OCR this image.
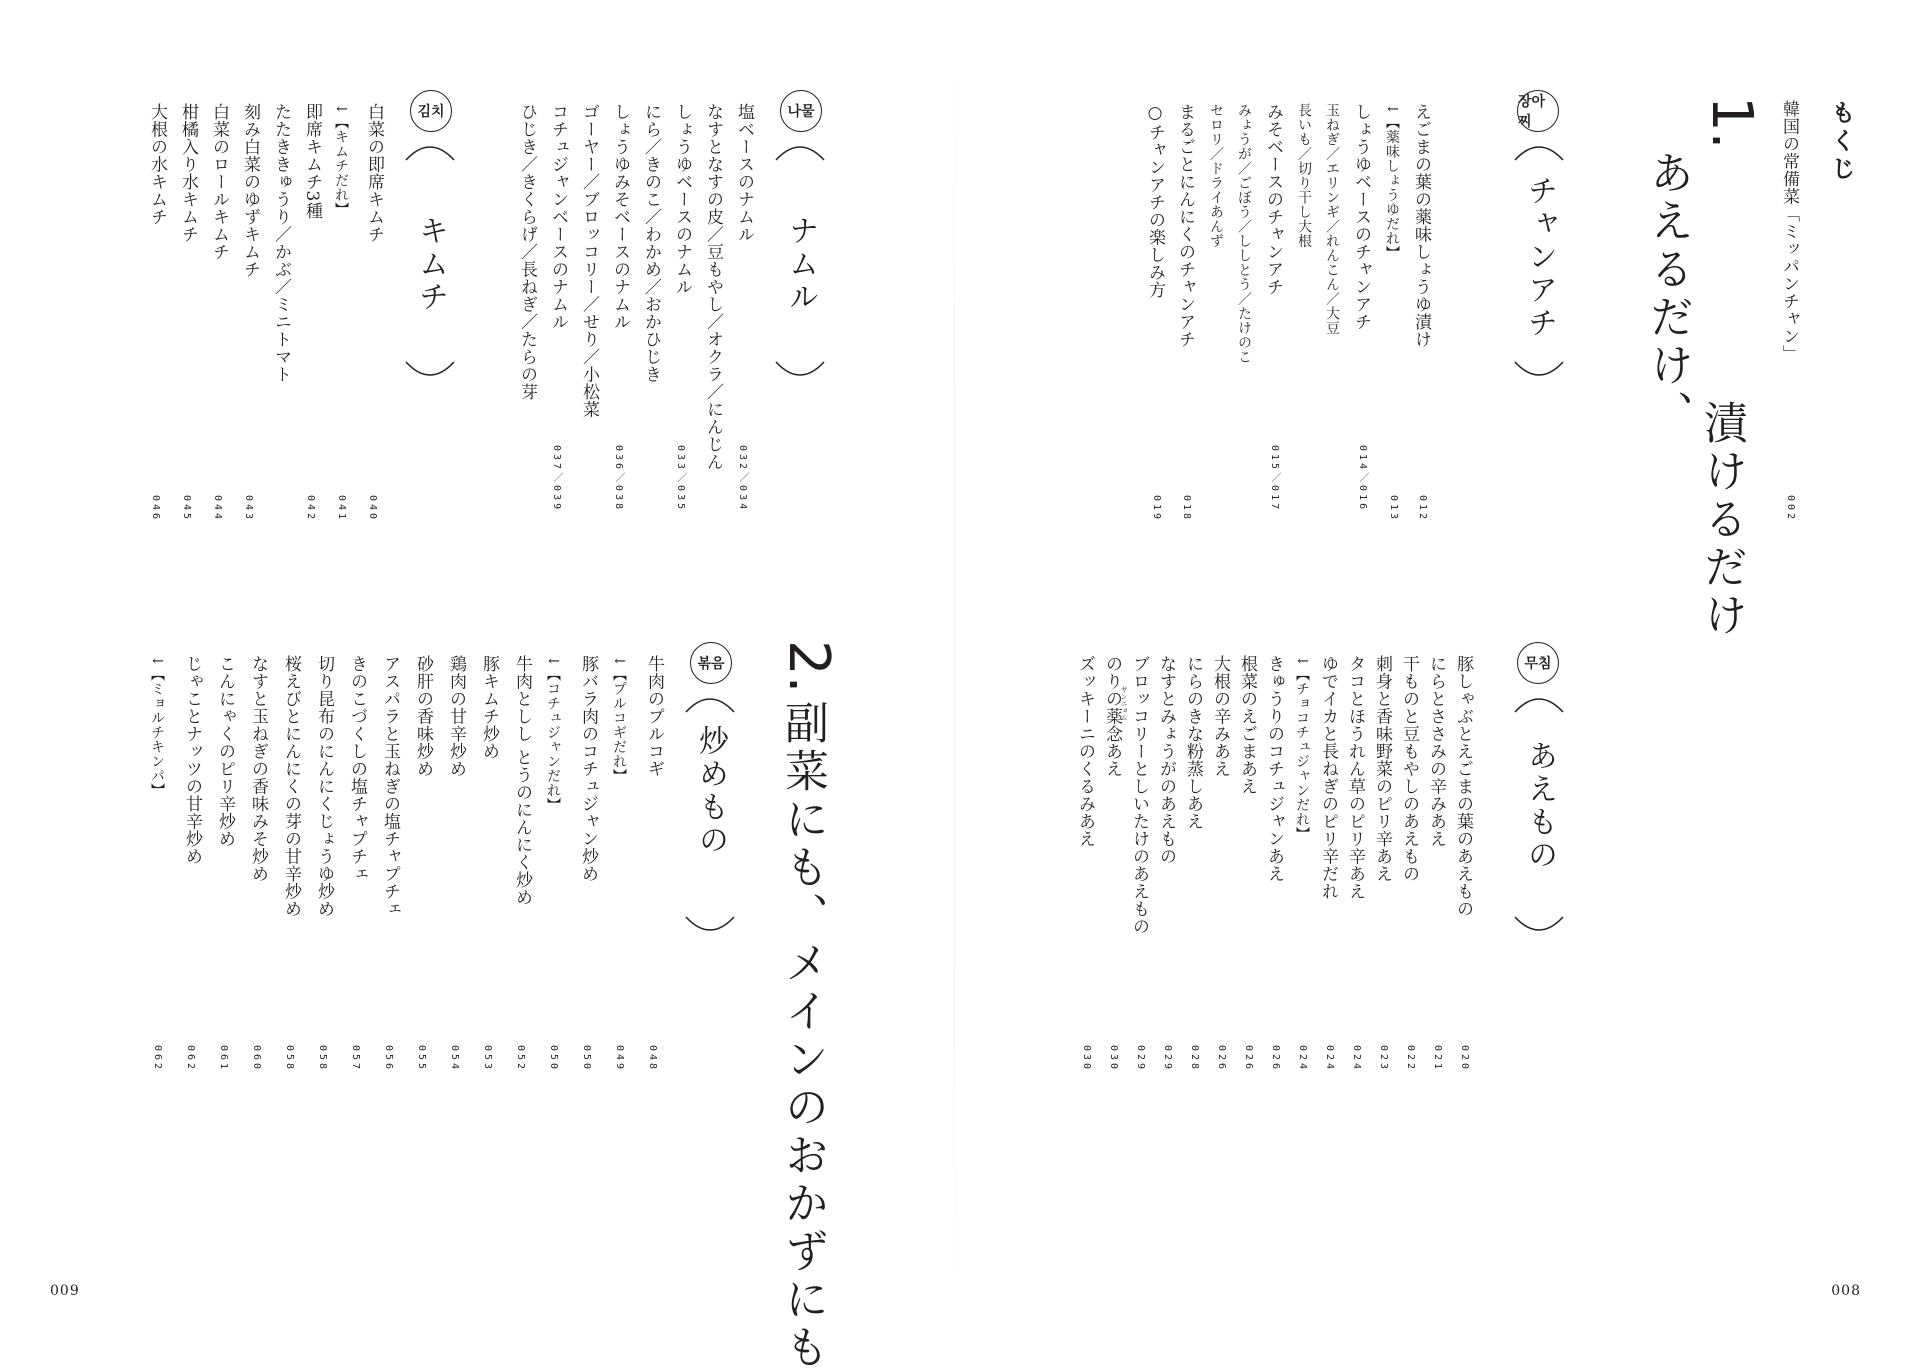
もくじ
韓国の常備菜「ミッパンチャン」
002
1.
あえるだけ、
漬けるだけ
장아찌
チャンアチ
えごまの葉の薬味しょうゆ漬け
012
↓【薬味しょうゆだれ】
013
しょうゆベースのチャンアチ
014／016
玉ねぎ／エリンギ／れんこん／大豆
長いも／切り干し大根
みそベースのチャンアチ
015／017
みょうが／ごぼう／ししとう／たけのこ
セロリ／ドライあんず
まるごとにんにくのチャンアチ
018
○チャンアチの楽しみ方
019
무침
あえもの
008
豚しゃぶとえごまの葉のあえもの
020
にらとささみの辛みあえ
021
干ものと豆もやしのあえもの
022
刺身と香味野菜のピリ辛あえ
023
タコとほうれん草のピリ辛あえ
024
ゆでイカと長ねぎのピリ辛だれ
024
↓【チョコチュジャンだれ】
024
きゅうりのコチュジャンあえ
026
根菜のえごまあえ
026
大根の辛みあえ
026
にらのきな粉蒸しあえ
028
なすとみょうがのあえもの
029
ブロッコリーとしいたけのあえもの
029
のりの薬念あえ
030
ズッキーニのくるみあえ
030
ヤンニョム
나물
ナムル
김치
キムチ
2.
副菜にも、メインのおかずにも
볶음
炒めもの
009
塩ベースのナムル
032／034
なすとなすの皮／豆もやし／オクラ／にんじん
しょうゆベースのナムル
033／035
にら／きのこ／わかめ／おかひじき
しょうゆみそベースのナムル
036／038
ゴーヤー／ブロッコリー／せり／小松菜
コチュジャンベースのナムル
037／039
ひじき／きくらげ／長ねぎ／たらの芽
白菜の即席キムチ
040
↓【キムチだれ】
041
即席キムチ3種
042
たたききゅうり／かぶ／ミニトマト
刻み白菜のゆずキムチ
043
白菜のロールキムチ
044
柑橘入り水キムチ
045
大根の水キムチ
046
牛肉のプルコギ
048
↓【プルコギだれ】
049
豚バラ肉のコチュジャン炒め
050
↓【コチュジャンだれ】
050
牛肉としし とうのにんにく炒め
052
豚キムチ炒め
053
鶏肉の甘辛炒め
054
砂肝の香味炒め
055
アスパラと玉ねぎの塩チャプチェ
056
きのこづくしの塩チャプチェ
057
切り昆布のにんにくじょうゆ炒め
058
桜えびとにんにくの芽の甘辛炒め
058
なすと玉ねぎの香味みそ炒め
060
こんにゃくのピリ辛炒め
061
じゃことナッツの甘辛炒め
062
↓【ミョルチキンパ】
062
